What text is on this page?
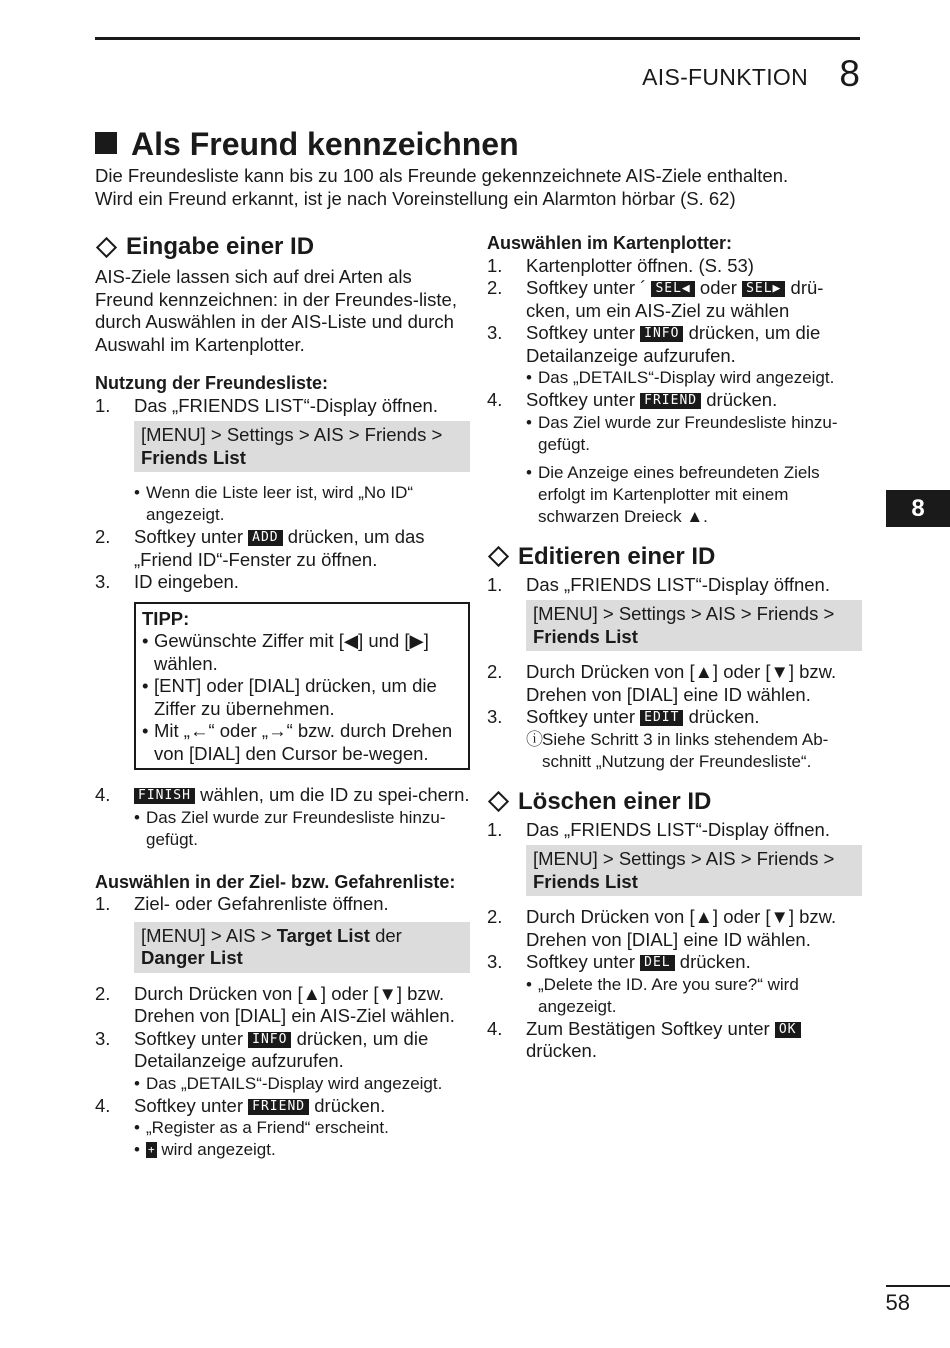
AIS-FUNKTION 8
Als Freund kennzeichnen
Die Freundesliste kann bis zu 100 als Freunde gekennzeichnete AIS-Ziele enthalten.
Wird ein Freund erkannt, ist je nach Voreinstellung ein Alarmton hörbar (S. 62)
Eingabe einer ID
AIS-Ziele lassen sich auf drei Arten als Freund kennzeichnen: in der Freundes-liste, durch Auswählen in der AIS-Liste und durch Auswahl im Kartenplotter.
Nutzung der Freundesliste:
1.	Das „FRIENDS LIST“-Display öffnen.
[MENU] > Settings > AIS > Friends >
Friends List
• Wenn die Liste leer ist, wird „No ID“ angezeigt.
2.	Softkey unter ADD drücken, um das „Friend ID“-Fenster zu öffnen.
3.	ID eingeben.
TIPP:
• Gewünschte Ziffer mit [◀] und [▶] wählen.
• [ENT] oder [DIAL] drücken, um die Ziffer zu übernehmen.
• Mit „←“ oder „→“ bzw. durch Drehen von [DIAL] den Cursor be-wegen.
4.	FINISH wählen, um die ID zu spei-chern.
• Das Ziel wurde zur Freundesliste hinzu-gefügt.
Auswählen in der Ziel- bzw. Gefahrenliste:
1.	Ziel- oder Gefahrenliste öffnen.
[MENU] > AIS > Target List der
Danger List
2.	Durch Drücken von [▲] oder [▼] bzw. Drehen von [DIAL] ein AIS-Ziel wählen.
3.	Softkey unter INFO drücken, um die Detailanzeige aufzurufen.
• Das „DETAILS“-Display wird angezeigt.
4.	Softkey unter FRIEND drücken.
• „Register as a Friend“ erscheint.
• + wird angezeigt.
Auswählen im Kartenplotter:
1.	Kartenplotter öffnen. (S. 53)
2.	Softkey unter ´ SEL◀ oder SEL▶ drü-cken, um ein AIS-Ziel zu wählen
3.	Softkey unter INFO drücken, um die Detailanzeige aufzurufen.
• Das „DETAILS“-Display wird angezeigt.
4.	Softkey unter FRIEND drücken.
• Das Ziel wurde zur Freundesliste hinzu-gefügt.
• Die Anzeige eines befreundeten Ziels erfolgt im Kartenplotter mit einem schwarzen Dreieck ▲.
Editieren einer ID
1.	Das „FRIENDS LIST“-Display öffnen.
[MENU] > Settings > AIS > Friends >
Friends List
2.	Durch Drücken von [▲] oder [▼] bzw. Drehen von [DIAL] eine ID wählen.
3.	Softkey unter EDIT drücken.
ⓘ Siehe Schritt 3 in links stehendem Ab-schnitt „Nutzung der Freundesliste“.
Löschen einer ID
1.	Das „FRIENDS LIST“-Display öffnen.
[MENU] > Settings > AIS > Friends >
Friends List
2.	Durch Drücken von [▲] oder [▼] bzw. Drehen von [DIAL] eine ID wählen.
3.	Softkey unter DEL drücken.
• „Delete the ID. Are you sure?“ wird angezeigt.
4.	Zum Bestätigen Softkey unter OK drücken.
8
58
